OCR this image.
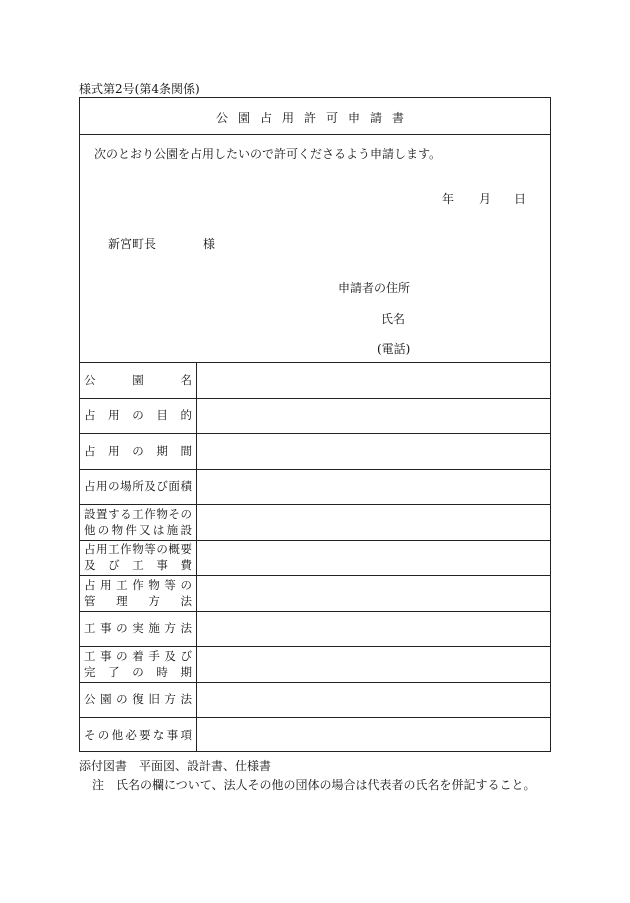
様式第2号(第4条関係)
公園占用許可申請書
次のとおり公園を占用したいので許可くださるよう申請します。
年 月 日
新宮町長	様
申請者の住所
氏名
(電話)
公園名
占用の目的
占用の期間
占用の場所及び面積
設置する工作物その
他の物件又は施設
占用工作物等の概要
及び工事費
占用工作物等の
管理方法
工事の実施方法
工事の着手及び
完了の時期
公園の復旧方法
その他必要な事項
添付図書　平面図、設計書、仕様書
注　氏名の欄について、法人その他の団体の場合は代表者の氏名を併記すること。
